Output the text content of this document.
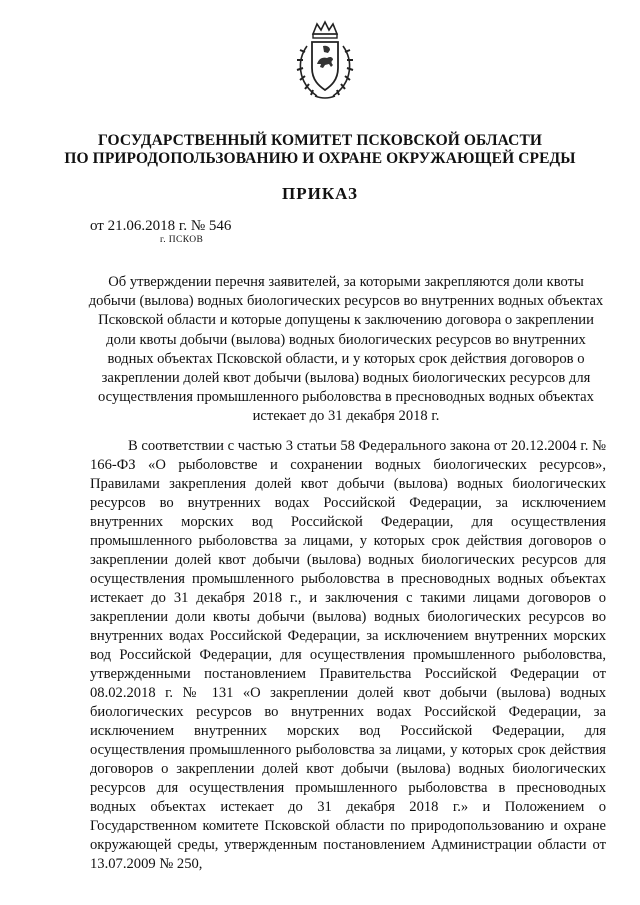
ГОСУДАРСТВЕННЫЙ КОМИТЕТ ПСКОВСКОЙ ОБЛАСТИ
ПО ПРИРОДОПОЛЬЗОВАНИЮ И ОХРАНЕ ОКРУЖАЮЩЕЙ СРЕДЫ
ПРИКАЗ
от 21.06.2018 г. № 546
г. ПСКОВ
Об утверждении перечня заявителей, за которыми закрепляются доли квоты добычи (вылова) водных биологических ресурсов во внутренних водных объектах Псковской области и которые допущены к заключению договора о закреплении доли квоты добычи (вылова) водных биологических ресурсов во внутренних водных объектах Псковской области, и у которых срок действия договоров о закреплении долей квот добычи (вылова) водных биологических ресурсов для осуществления промышленного рыболовства в пресноводных водных объектах истекает до 31 декабря 2018 г.
В соответствии с частью 3 статьи 58 Федерального закона от 20.12.2004 г. № 166-ФЗ «О рыболовстве и сохранении водных биологических ресурсов», Правилами закрепления долей квот добычи (вылова) водных биологических ресурсов во внутренних водах Российской Федерации, за исключением внутренних морских вод Российской Федерации, для осуществления промышленного рыболовства за лицами, у которых срок действия договоров о закреплении долей квот добычи (вылова) водных биологических ресурсов для осуществления промышленного рыболовства в пресноводных водных объектах истекает до 31 декабря 2018 г., и заключения с такими лицами договоров о закреплении доли квоты добычи (вылова) водных биологических ресурсов во внутренних водах Российской Федерации, за исключением внутренних морских вод Российской Федерации, для осуществления промышленного рыболовства, утвержденными постановлением Правительства Российской Федерации от 08.02.2018 г. № 131 «О закреплении долей квот добычи (вылова) водных биологических ресурсов во внутренних водах Российской Федерации, за исключением внутренних морских вод Российской Федерации, для осуществления промышленного рыболовства за лицами, у которых срок действия договоров о закреплении долей квот добычи (вылова) водных биологических ресурсов для осуществления промышленного рыболовства в пресноводных водных объектах истекает до 31 декабря 2018 г.» и Положением о Государственном комитете Псковской области по природопользованию и охране окружающей среды, утвержденным постановлением Администрации области от 13.07.2009 № 250,
